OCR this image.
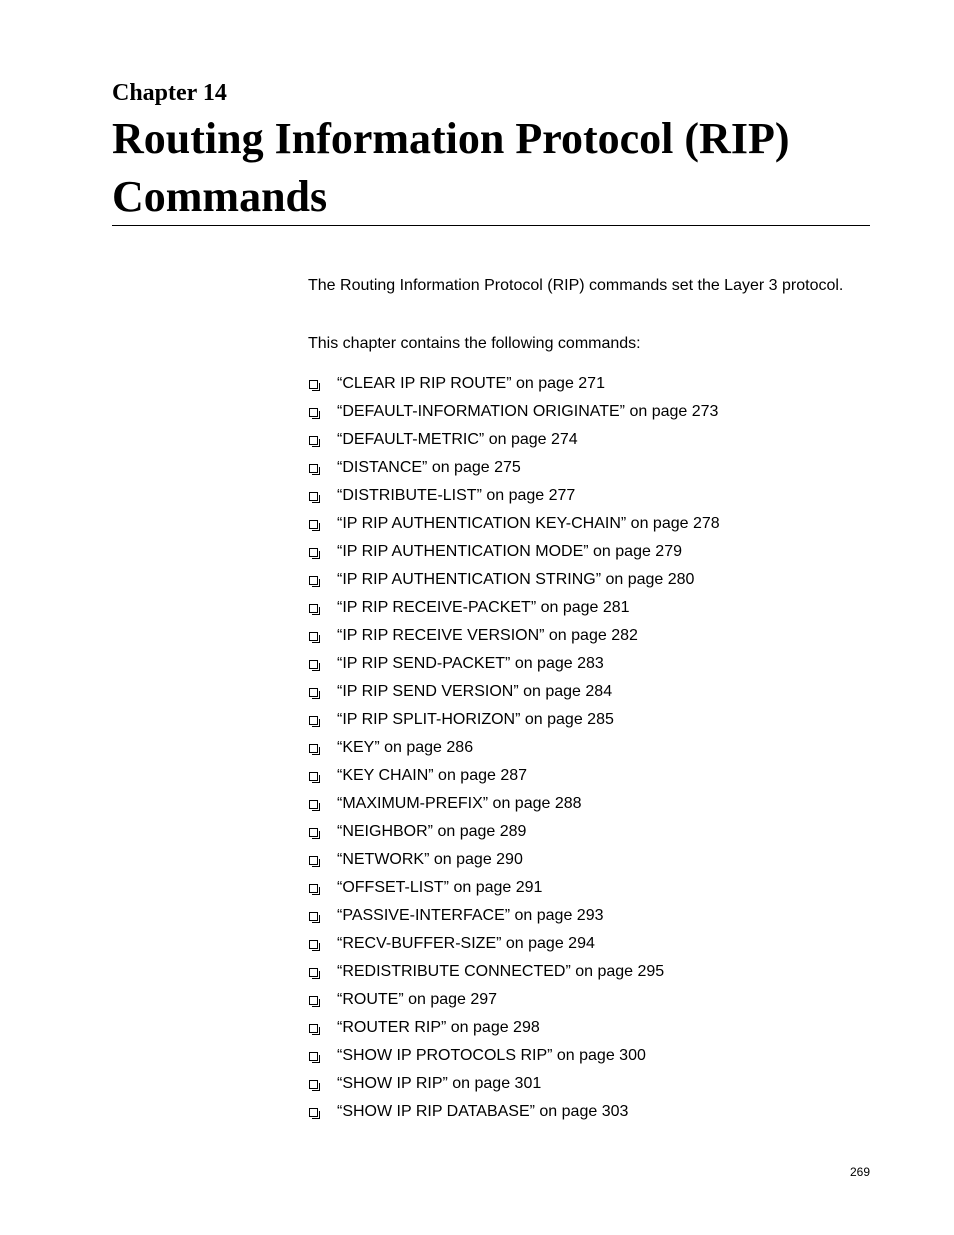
Chapter 14
Routing Information Protocol (RIP) Commands

The Routing Information Protocol (RIP) commands set the Layer 3 protocol.

This chapter contains the following commands:

“CLEAR IP RIP ROUTE” on page 271
“DEFAULT-INFORMATION ORIGINATE” on page 273
“DEFAULT-METRIC” on page 274
“DISTANCE” on page 275
“DISTRIBUTE-LIST” on page 277
“IP RIP AUTHENTICATION KEY-CHAIN” on page 278
“IP RIP AUTHENTICATION MODE” on page 279
“IP RIP AUTHENTICATION STRING” on page 280
“IP RIP RECEIVE-PACKET” on page 281
“IP RIP RECEIVE VERSION” on page 282
“IP RIP SEND-PACKET” on page 283
“IP RIP SEND VERSION” on page 284
“IP RIP SPLIT-HORIZON” on page 285
“KEY” on page 286
“KEY CHAIN” on page 287
“MAXIMUM-PREFIX” on page 288
“NEIGHBOR” on page 289
“NETWORK” on page 290
“OFFSET-LIST” on page 291
“PASSIVE-INTERFACE” on page 293
“RECV-BUFFER-SIZE” on page 294
“REDISTRIBUTE CONNECTED” on page 295
“ROUTE” on page 297
“ROUTER RIP” on page 298
“SHOW IP PROTOCOLS RIP” on page 300
“SHOW IP RIP” on page 301
“SHOW IP RIP DATABASE” on page 303
269
